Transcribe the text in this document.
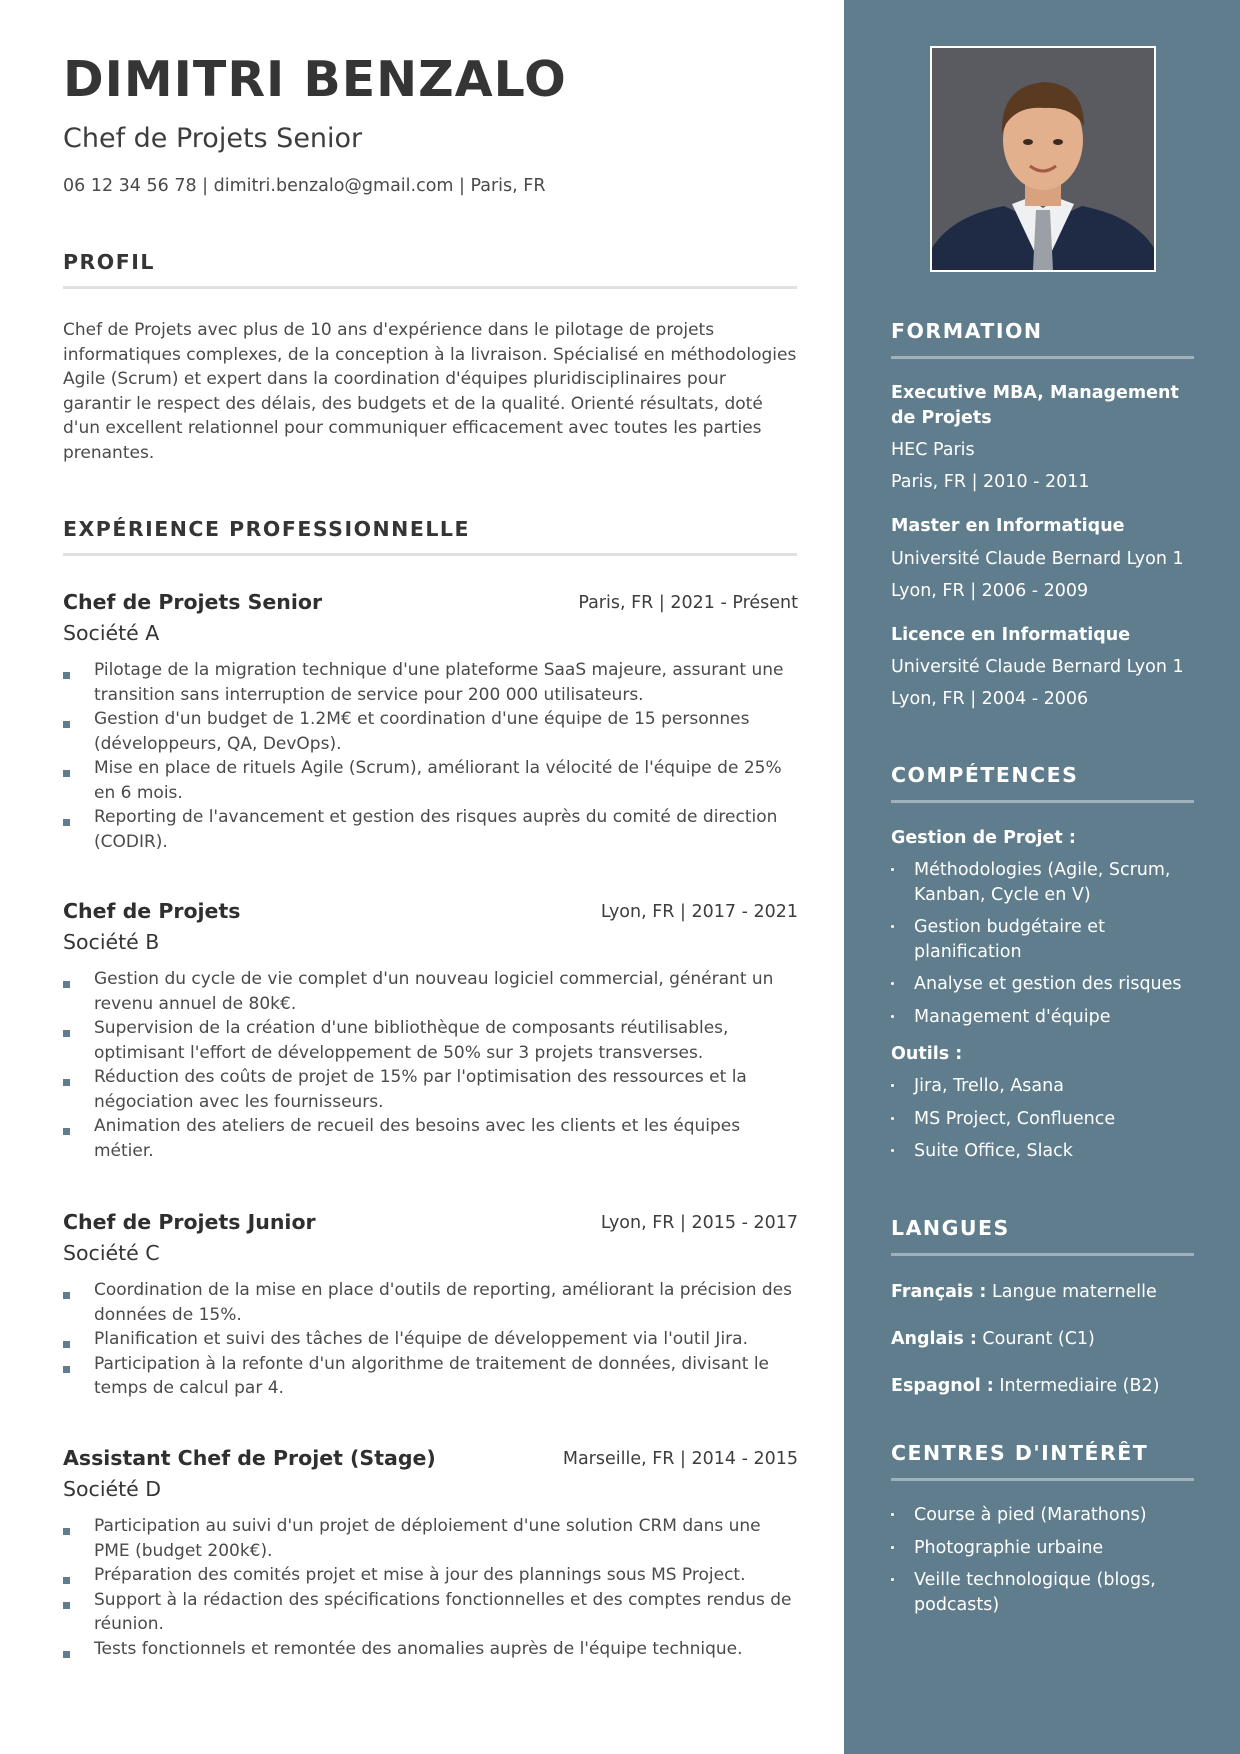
DIMITRI BENZALO
Chef de Projets Senior
06 12 34 56 78 | dimitri.benzalo@gmail.com | Paris, FR
PROFIL
Chef de Projets avec plus de 10 ans d'expérience dans le pilotage de projets informatiques complexes, de la conception à la livraison. Spécialisé en méthodologies Agile (Scrum) et expert dans la coordination d'équipes pluridisciplinaires pour garantir le respect des délais, des budgets et de la qualité. Orienté résultats, doté d'un excellent relationnel pour communiquer efficacement avec toutes les parties prenantes.
EXPÉRIENCE PROFESSIONNELLE
Chef de Projets Senior	Paris, FR | 2021 - Présent
Société A
Pilotage de la migration technique d'une plateforme SaaS majeure, assurant une transition sans interruption de service pour 200 000 utilisateurs.
Gestion d'un budget de 1.2M€ et coordination d'une équipe de 15 personnes (développeurs, QA, DevOps).
Mise en place de rituels Agile (Scrum), améliorant la vélocité de l'équipe de 25% en 6 mois.
Reporting de l'avancement et gestion des risques auprès du comité de direction (CODIR).
Chef de Projets	Lyon, FR | 2017 - 2021
Société B
Gestion du cycle de vie complet d'un nouveau logiciel commercial, générant un revenu annuel de 80k€.
Supervision de la création d'une bibliothèque de composants réutilisables, optimisant l'effort de développement de 50% sur 3 projets transverses.
Réduction des coûts de projet de 15% par l'optimisation des ressources et la négociation avec les fournisseurs.
Animation des ateliers de recueil des besoins avec les clients et les équipes métier.
Chef de Projets Junior	Lyon, FR | 2015 - 2017
Société C
Coordination de la mise en place d'outils de reporting, améliorant la précision des données de 15%.
Planification et suivi des tâches de l'équipe de développement via l'outil Jira.
Participation à la refonte d'un algorithme de traitement de données, divisant le temps de calcul par 4.
Assistant Chef de Projet (Stage)	Marseille, FR | 2014 - 2015
Société D
Participation au suivi d'un projet de déploiement d'une solution CRM dans une PME (budget 200k€).
Préparation des comités projet et mise à jour des plannings sous MS Project.
Support à la rédaction des spécifications fonctionnelles et des comptes rendus de réunion.
Tests fonctionnels et remontée des anomalies auprès de l'équipe technique.
FORMATION
Executive MBA, Management de Projets
HEC Paris
Paris, FR | 2010 - 2011
Master en Informatique
Université Claude Bernard Lyon 1
Lyon, FR | 2006 - 2009
Licence en Informatique
Université Claude Bernard Lyon 1
Lyon, FR | 2004 - 2006
COMPÉTENCES
Gestion de Projet :
Méthodologies (Agile, Scrum, Kanban, Cycle en V)
Gestion budgétaire et planification
Analyse et gestion des risques
Management d'équipe
Outils :
Jira, Trello, Asana
MS Project, Confluence
Suite Office, Slack
LANGUES
Français : Langue maternelle
Anglais : Courant (C1)
Espagnol : Intermediaire (B2)
CENTRES D'INTÉRÊT
Course à pied (Marathons)
Photographie urbaine
Veille technologique (blogs, podcasts)
